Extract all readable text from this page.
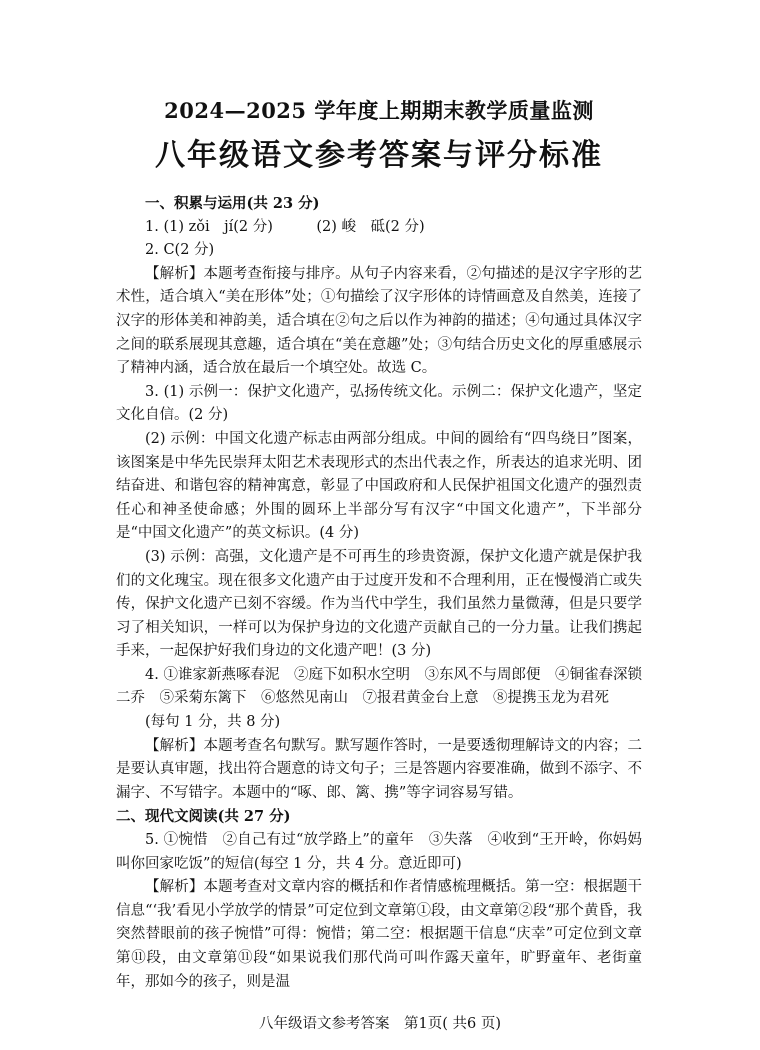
2024—2025 学年度上期期末教学质量监测
八年级语文参考答案与评分标准

一、积累与运用(共 23 分)

1. (1) zǒi　jí(2 分)　　　(2) 峻　砥(2 分)

2. C(2 分)

【解析】本题考查衔接与排序。从句子内容来看，②句描述的是汉字字形的艺术性，适合填入“美在形体”处；①句描绘了汉字形体的诗情画意及自然美，连接了汉字的形体美和神韵美，适合填在②句之后以作为神韵的描述；④句通过具体汉字之间的联系展现其意趣，适合填在“美在意趣”处；③句结合历史文化的厚重感展示了精神内涵，适合放在最后一个填空处。故选 C。

3. (1) 示例一：保护文化遗产，弘扬传统文化。示例二：保护文化遗产，坚定文化自信。(2 分)

(2) 示例：中国文化遗产标志由两部分组成。中间的圆给有“四鸟绕日”图案，该图案是中华先民崇拜太阳艺术表现形式的杰出代表之作，所表达的追求光明、团结奋进、和谐包容的精神寓意，彰显了中国政府和人民保护祖国文化遗产的强烈责任心和神圣使命感；外围的圆环上半部分写有汉字“中国文化遗产”，下半部分是“中国文化遗产”的英文标识。(4 分)

(3) 示例：高强，文化遗产是不可再生的珍贵资源，保护文化遗产就是保护我们的文化瑰宝。现在很多文化遗产由于过度开发和不合理利用，正在慢慢消亡或失传，保护文化遗产已刻不容缓。作为当代中学生，我们虽然力量微薄，但是只要学习了相关知识，一样可以为保护身边的文化遗产贡献自己的一分力量。让我们携起手来，一起保护好我们身边的文化遗产吧！(3 分)

4. ①谁家新燕啄春泥　②庭下如积水空明　③东风不与周郎便　④铜雀春深锁二乔　⑤采菊东篱下　⑥悠然见南山　⑦报君黄金台上意　⑧提携玉龙为君死

(每句 1 分，共 8 分)

【解析】本题考查名句默写。默写题作答时，一是要透彻理解诗文的内容；二是要认真审题，找出符合题意的诗文句子；三是答题内容要准确，做到不添字、不漏字、不写错字。本题中的“啄、郎、篱、携”等字词容易写错。

二、现代文阅读(共 27 分)

5. ①惋惜　②自己有过“放学路上”的童年　③失落　④收到“王开岭，你妈妈叫你回家吃饭”的短信(每空 1 分，共 4 分。意近即可)

【解析】本题考查对文章内容的概括和作者情感梳理概括。第一空：根据题干信息“‘我’看见小学放学的情景”可定位到文章第①段，由文章第②段“那个黄昏，我突然替眼前的孩子惋惜”可得：惋惜；第二空：根据题干信息“庆幸”可定位到文章第⑪段，由文章第⑪段“如果说我们那代尚可叫作露天童年，旷野童年、老街童年，那如今的孩子，则是温

八年级语文参考答案　第1页( 共6 页)
